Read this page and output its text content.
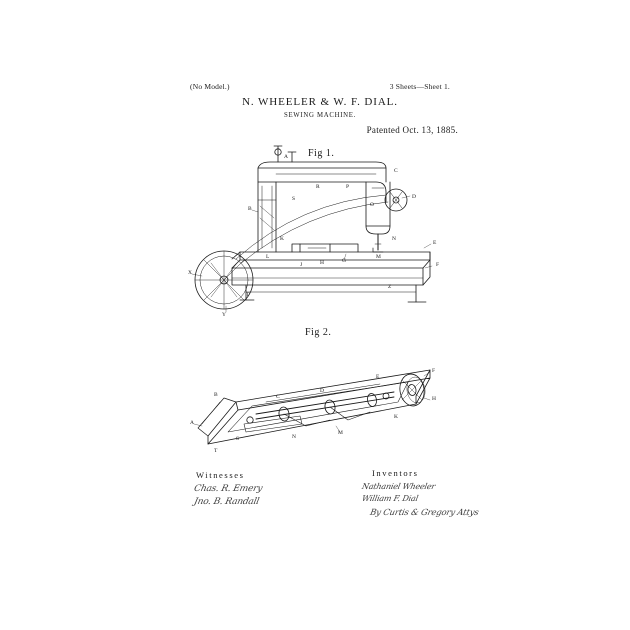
(No Model.)	3 Sheets—Sheet 1.
N. WHEELER & W. F. DIAL.
SEWING MACHINE.
Patented Oct. 13, 1885.
Fig 1.
B
A
C
D
E
F
G
H
J
K
L
X
Y
M
N
O
P
R
S
T
Z
Fig 2.
A
B	C
D
E
F
H
K
M
N
S
T
Witnesses
Chas. R. Emery
Jno. B. Randall
Inventors
Nathaniel Wheeler
William F. Dial
By Curtis & Gregory Attys
